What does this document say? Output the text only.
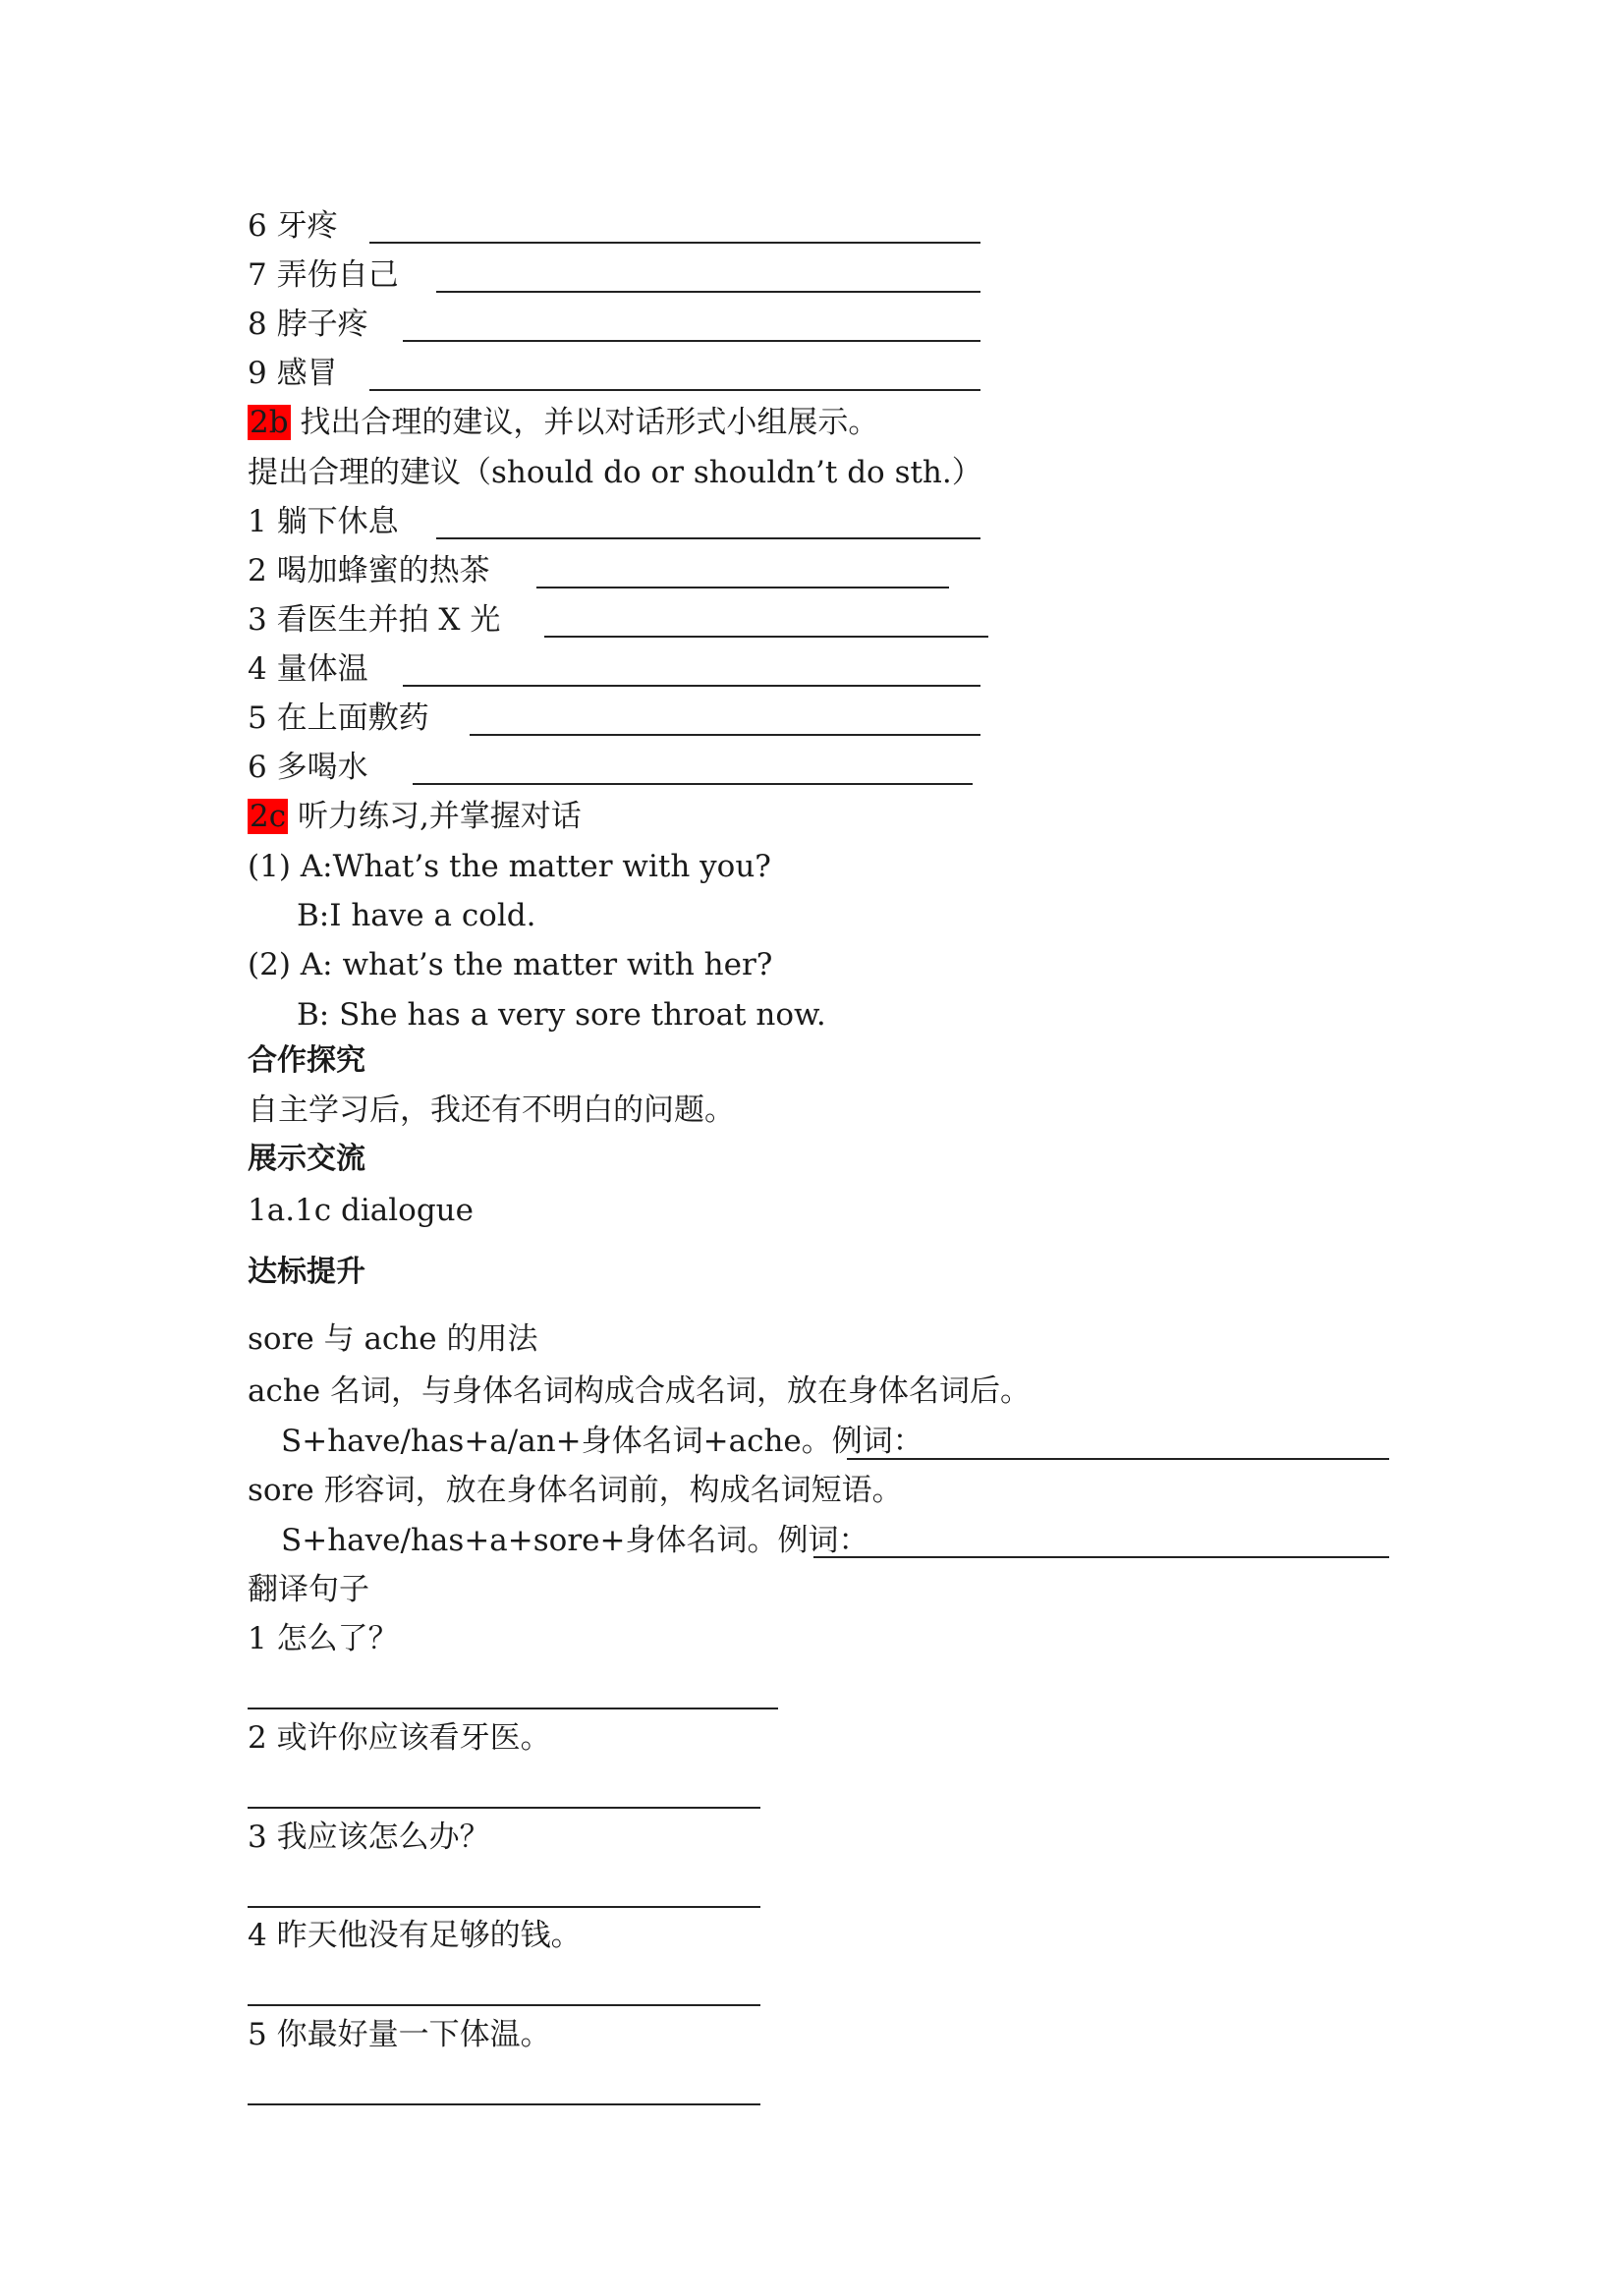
6 牙疼
7 弄伤自己
8 脖子疼
9 感冒
2b 找出合理的建议，并以对话形式小组展示。
提出合理的建议（should do or shouldn’t do sth.）
1 躺下休息
2 喝加蜂蜜的热茶
3 看医生并拍 X 光
4 量体温
5 在上面敷药
6 多喝水
2c 听力练习,并掌握对话
(1) A:What’s the matter with you?
B:I have a cold.
(2) A: what’s the matter with her?
B: She has a very sore throat now.
合作探究
自主学习后，我还有不明白的问题。
展示交流
1a.1c dialogue
达标提升
sore 与 ache 的用法
ache 名词，与身体名词构成合成名词，放在身体名词后。
S+have/has+a/an+身体名词+ache。例词：
sore 形容词，放在身体名词前，构成名词短语。
S+have/has+a+sore+身体名词。例词：
翻译句子
1 怎么了？
2 或许你应该看牙医。
3 我应该怎么办？
4 昨天他没有足够的钱。
5 你最好量一下体温。
